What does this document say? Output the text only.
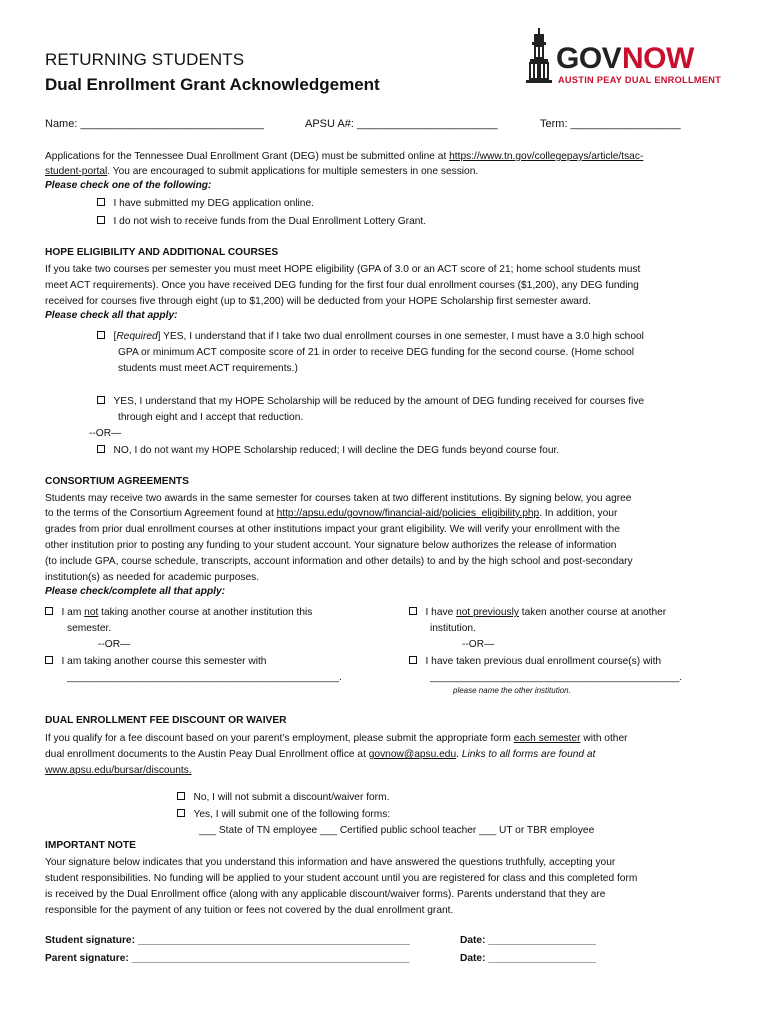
RETURNING STUDENTS
Dual Enrollment Grant Acknowledgement
GOV NOW
AUSTIN PEAY DUAL ENROLLMENT
Name: ______________________________	APSU A#: _______________________	Term: __________________
Applications for the Tennessee Dual Enrollment Grant (DEG) must be submitted online at https://www.tn.gov/collegepays/article/tsac-
student-portal. You are encouraged to submit applications for multiple semesters in one session.
Please check one of the following:
I have submitted my DEG application online.
I do not wish to receive funds from the Dual Enrollment Lottery Grant.
HOPE ELIGIBILITY AND ADDITIONAL COURSES
If you take two courses per semester you must meet HOPE eligibility (GPA of 3.0 or an ACT score of 21; home school students must
meet ACT requirements). Once you have received DEG funding for the first four dual enrollment courses ($1,200), any DEG funding
received for courses five through eight (up to $1,200) will be deducted from your HOPE Scholarship first semester award.
Please check all that apply:
[Required] YES, I understand that if I take two dual enrollment courses in one semester, I must have a 3.0 high school
GPA or minimum ACT composite score of 21 in order to receive DEG funding for the second course. (Home school
students must meet ACT requirements.)
YES, I understand that my HOPE Scholarship will be reduced by the amount of DEG funding received for courses five
through eight and I accept that reduction.
--OR—
NO, I do not want my HOPE Scholarship reduced; I will decline the DEG funds beyond course four.
CONSORTIUM AGREEMENTS
Students may receive two awards in the same semester for courses taken at two different institutions. By signing below, you agree
to the terms of the Consortium Agreement found at http://apsu.edu/govnow/financial-aid/policies_eligibility.php. In addition, your
grades from prior dual enrollment courses at other institutions impact your grant eligibility. We will verify your enrollment with the
other institution prior to posting any funding to your student account. Your signature below authorizes the release of information
(to include GPA, course schedule, transcripts, account information and other details) to and by the high school and post-secondary
institution(s) as needed for academic purposes.
Please check/complete all that apply:
I am not taking another course at another institution this
semester.
--OR—
I am taking another course this semester with
________________________________________________.
I have not previously taken another course at another
institution.
--OR—
I have taken previous dual enrollment course(s) with
____________________________________________.
please name the other institution.
DUAL ENROLLMENT FEE DISCOUNT OR WAIVER
If you qualify for a fee discount based on your parent’s employment, please submit the appropriate form each semester with other
dual enrollment documents to the Austin Peay Dual Enrollment office at govnow@apsu.edu. Links to all forms are found at
www.apsu.edu/bursar/discounts.
No, I will not submit a discount/waiver form.
Yes, I will submit one of the following forms:
___ State of TN employee ___ Certified public school teacher ___ UT or TBR employee
IMPORTANT NOTE
Your signature below indicates that you understand this information and have answered the questions truthfully, accepting your
student responsibilities. No funding will be applied to your student account until you are registered for class and this completed form
is received by the Dual Enrollment office (along with any applicable discount/waiver forms). Parents understand that they are
responsible for the payment of any tuition or fees not covered by the dual enrollment grant.
Student signature: ________________________________________________	Date: ___________________
Parent signature: _________________________________________________	Date: ___________________
